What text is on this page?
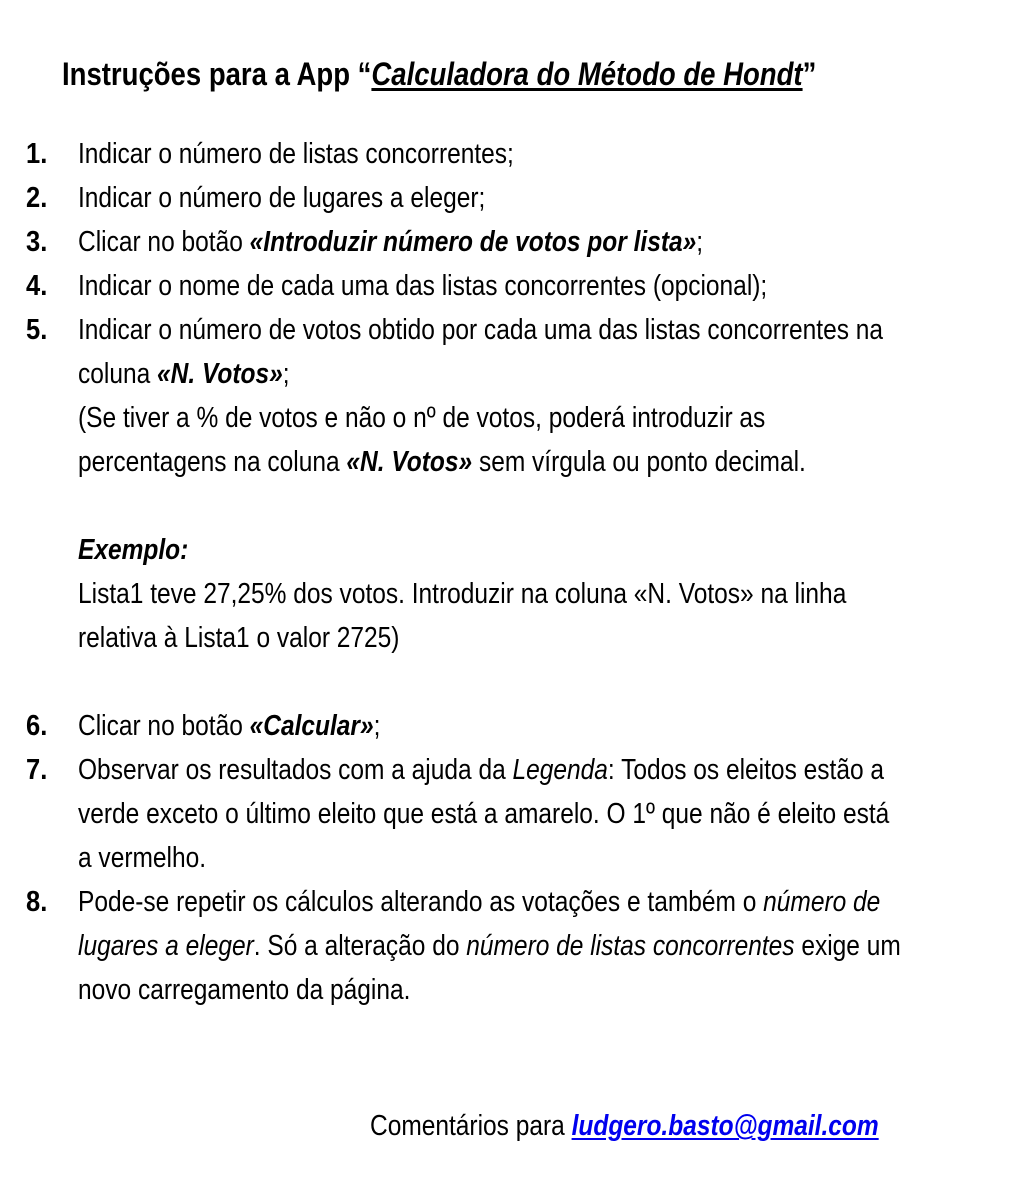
Instruções para a App “Calculadora do Método de Hondt”
1. Indicar o número de listas concorrentes;
2. Indicar o número de lugares a eleger;
3. Clicar no botão «Introduzir número de votos por lista»;
4. Indicar o nome de cada uma das listas concorrentes (opcional);
5. Indicar o número de votos obtido por cada uma das listas concorrentes na
coluna «N. Votos»;
(Se tiver a % de votos e não o nº de votos, poderá introduzir as
percentagens na coluna «N. Votos» sem vírgula ou ponto decimal.
Exemplo:
Lista1 teve 27,25% dos votos. Introduzir na coluna «N. Votos» na linha
relativa à Lista1 o valor 2725)
6. Clicar no botão «Calcular»;
7. Observar os resultados com a ajuda da Legenda: Todos os eleitos estão a
verde exceto o último eleito que está a amarelo. O 1º que não é eleito está
a vermelho.
8. Pode-se repetir os cálculos alterando as votações e também o número de
lugares a eleger. Só a alteração do número de listas concorrentes exige um
novo carregamento da página.
Comentários para ludgero.basto@gmail.com
